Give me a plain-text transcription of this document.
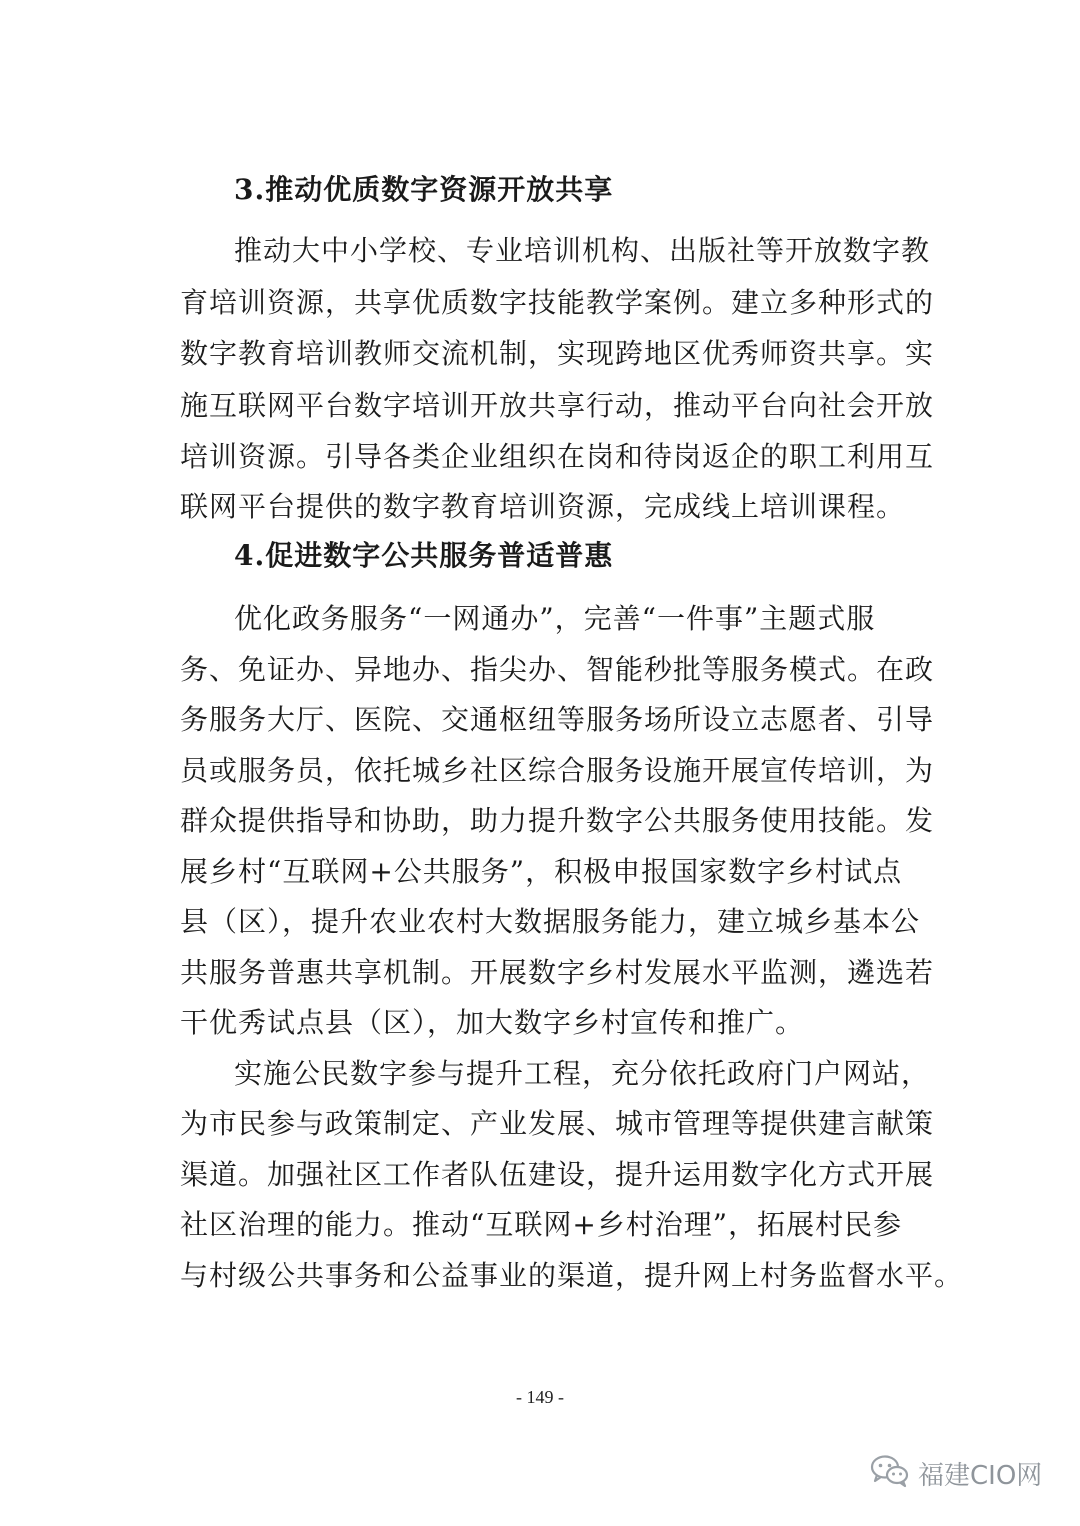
3.推动优质数字资源开放共享
推动大中小学校、专业培训机构、出版社等开放数字教
育培训资源，共享优质数字技能教学案例。建立多种形式的
数字教育培训教师交流机制，实现跨地区优秀师资共享。实
施互联网平台数字培训开放共享行动，推动平台向社会开放
培训资源。引导各类企业组织在岗和待岗返企的职工利用互
联网平台提供的数字教育培训资源，完成线上培训课程。
4.促进数字公共服务普适普惠
优化政务服务“一网通办”，完善“一件事”主题式服
务、免证办、异地办、指尖办、智能秒批等服务模式。在政
务服务大厅、医院、交通枢纽等服务场所设立志愿者、引导
员或服务员，依托城乡社区综合服务设施开展宣传培训，为
群众提供指导和协助，助力提升数字公共服务使用技能。发
展乡村“互联网+公共服务”，积极申报国家数字乡村试点
县（区），提升农业农村大数据服务能力，建立城乡基本公
共服务普惠共享机制。开展数字乡村发展水平监测，遴选若
干优秀试点县（区），加大数字乡村宣传和推广。
实施公民数字参与提升工程，充分依托政府门户网站，
为市民参与政策制定、产业发展、城市管理等提供建言献策
渠道。加强社区工作者队伍建设，提升运用数字化方式开展
社区治理的能力。推动“互联网+乡村治理”，拓展村民参
与村级公共事务和公益事业的渠道，提升网上村务监督水平。
- 149 -
福建CIO网
